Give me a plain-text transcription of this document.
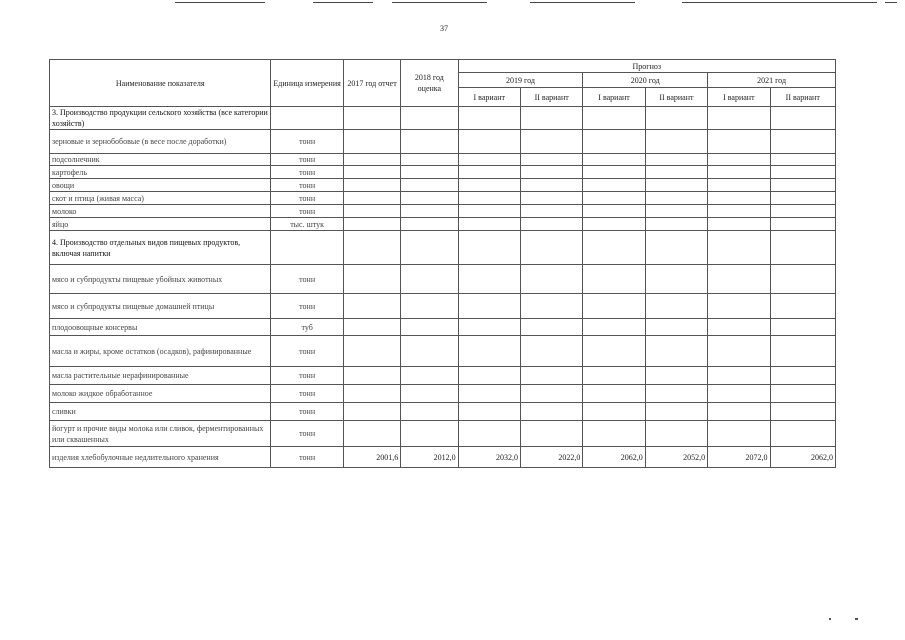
37
Наименование показателя	Единица измерения	2017 год отчет	2018 год оценка	Прогноз					
				2019 год		2020 год		2021 год	
				I вариант	II вариант	I вариант	II вариант	I вариант	II вариант
3. Производство продукции сельского хозяйства (все категории хозяйств)									
зерновые и зернобобовые (в весе после доработки)	тонн								
подсолнечник	тонн								
картофель	тонн								
овощи	тонн								
скот и птица (живая масса)	тонн								
молоко	тонн								
яйцо	тыс. штук								
4. Производство отдельных видов пищевых продуктов, включая напитки									
мясо и субпродукты пищевые убойных животных	тонн								
мясо и субпродукты пищевые домашней птицы	тонн								
плодоовощные консервы	туб								
масла и жиры, кроме остатков (осадков), рафинированные	тонн								
масла растительные нерафинированные	тонн								
молоко жидкое обработанное	тонн								
сливки	тонн								
йогурт и прочие виды молока или сливок, ферментированных или сквашенных	тонн								
изделия хлебобулочные недлительного хранения	тонн	2001,6	2012,0	2032,0	2022,0	2062,0	2052,0	2072,0	2062,0
